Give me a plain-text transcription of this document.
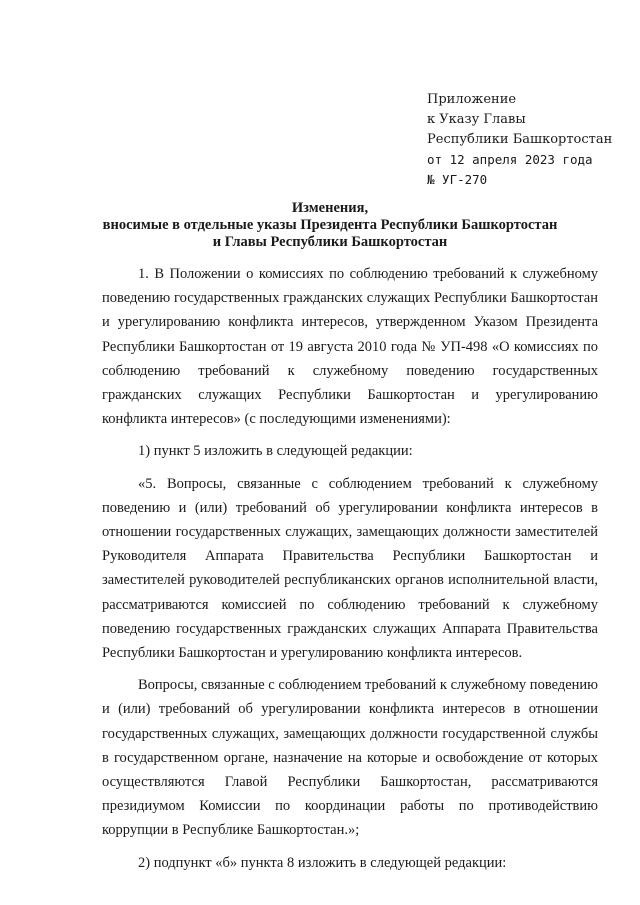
Приложение
к Указу Главы
Республики Башкортостан
от 12 апреля 2023 года
№ УГ-270
Изменения,
вносимые в отдельные указы Президента Республики Башкортостан
и Главы Республики Башкортостан

1. В Положении о комиссиях по соблюдению требований к служебному поведению государственных гражданских служащих Республики Башкортостан и урегулированию конфликта интересов, утвержденном Указом Президента Республики Башкортостан от 19 августа 2010 года № УП-498 «О комиссиях по соблюдению требований к служебному поведению государственных гражданских служащих Республики Башкортостан и урегулированию конфликта интересов» (с последующими изменениями):

1) пункт 5 изложить в следующей редакции:

«5. Вопросы, связанные с соблюдением требований к служебному поведению и (или) требований об урегулировании конфликта интересов в отношении государственных служащих, замещающих должности заместителей Руководителя Аппарата Правительства Республики Башкортостан и заместителей руководителей республиканских органов исполнительной власти, рассматриваются комиссией по соблюдению требований к служебному поведению государственных гражданских служащих Аппарата Правительства Республики Башкортостан и урегулированию конфликта интересов.

Вопросы, связанные с соблюдением требований к служебному поведению и (или) требований об урегулировании конфликта интересов в отношении государственных служащих, замещающих должности государственной службы в государственном органе, назначение на которые и освобождение от которых осуществляются Главой Республики Башкортостан, рассматриваются президиумом Комиссии по координации работы по противодействию коррупции в Республике Башкортостан.»;

2) подпункт «б» пункта 8 изложить в следующей редакции:
